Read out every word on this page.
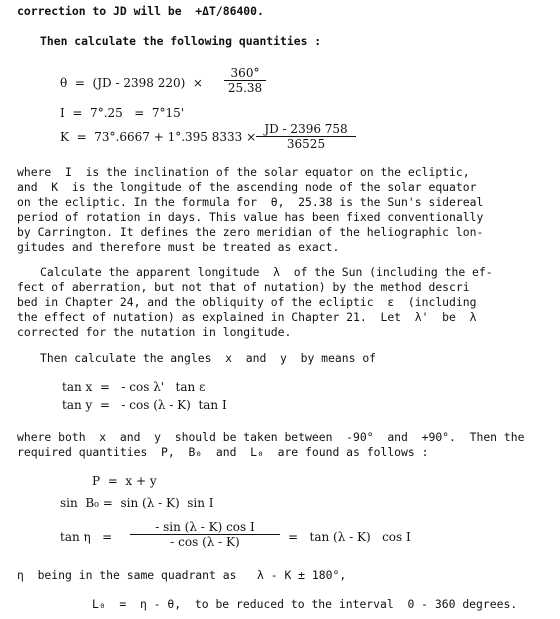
correction to JD will be  +ΔT/86400.
Then calculate the following quantities :
θ  =  (JD - 2398 220)  ×
360°
25.38
I  =  7°.25   =  7°15'
K  =  73°.6667 + 1°.395 8333 ×
JD - 2396 758
36525
where  I  is the inclination of the solar equator on the ecliptic,
and  K  is the longitude of the ascending node of the solar equator
on the ecliptic. In the formula for  θ,  25.38 is the Sun's sidereal
period of rotation in days. This value has been fixed conventionally
by Carrington. It defines the zero meridian of the heliographic lon-
gitudes and therefore must be treated as exact.
Calculate the apparent longitude  λ  of the Sun (including the ef-
fect of aberration, but not that of nutation) by the method descri
bed in Chapter 24, and the obliquity of the ecliptic  ε  (including
the effect of nutation) as explained in Chapter 21.  Let  λ'  be  λ
corrected for the nutation in longitude.
Then calculate the angles  x  and  y  by means of
tan x  =   - cos λ'   tan ε
tan y  =   - cos (λ - K)  tan I
where both  x  and  y  should be taken between  -90°  and  +90°.  Then the
required quantities  P,  B₀  and  L₀  are found as follows :
P  =  x + y
sin  B₀ =  sin (λ - K)  sin I
tan η   =
- sin (λ - K) cos I
- cos (λ - K)	=   tan (λ - K)   cos I
η  being in the same quadrant as   λ - K ± 180°,
L₀  =  η - θ,  to be reduced to the interval  0 - 360 degrees.
